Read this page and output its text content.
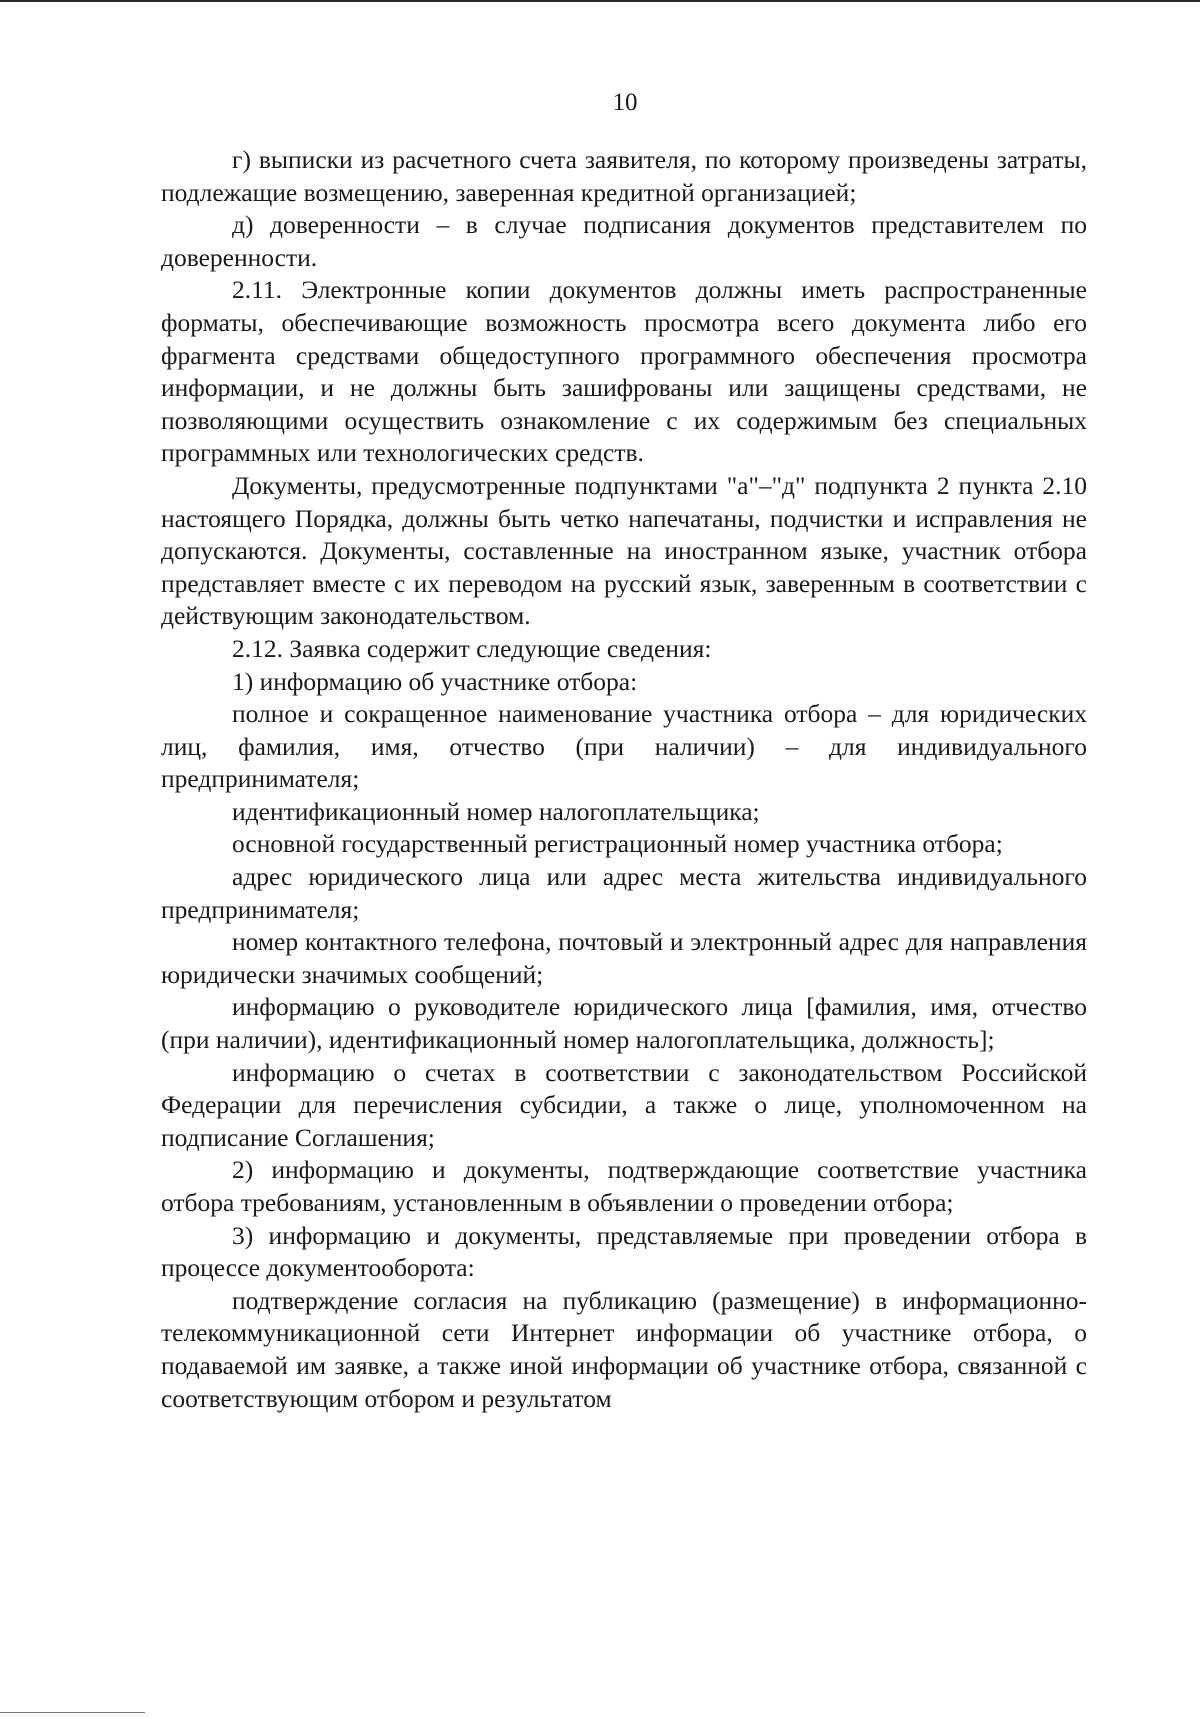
10

г) выписки из расчетного счета заявителя, по которому произведены затраты, подлежащие возмещению, заверенная кредитной организацией;

д) доверенности – в случае подписания документов представителем по доверенности.

2.11. Электронные копии документов должны иметь распространенные форматы, обеспечивающие возможность просмотра всего документа либо его фрагмента средствами общедоступного программного обеспечения просмотра информации, и не должны быть зашифрованы или защищены средствами, не позволяющими осуществить ознакомление с их содержимым без специальных программных или технологических средств.

Документы, предусмотренные подпунктами "а"–"д" подпункта 2 пункта 2.10 настоящего Порядка, должны быть четко напечатаны, подчистки и исправления не допускаются. Документы, составленные на иностранном языке, участник отбора представляет вместе с их переводом на русский язык, заверенным в соответствии с действующим законодательством.

2.12. Заявка содержит следующие сведения:

1) информацию об участнике отбора:

полное и сокращенное наименование участника отбора – для юридических лиц, фамилия, имя, отчество (при наличии) – для индивидуального предпринимателя;

идентификационный номер налогоплательщика;

основной государственный регистрационный номер участника отбора;

адрес юридического лица или адрес места жительства индивидуального предпринимателя;

номер контактного телефона, почтовый и электронный адрес для направления юридически значимых сообщений;

информацию о руководителе юридического лица [фамилия, имя, отчество (при наличии), идентификационный номер налогоплательщика, должность];

информацию о счетах в соответствии с законодательством Российской Федерации для перечисления субсидии, а также о лице, уполномоченном на подписание Соглашения;

2) информацию и документы, подтверждающие соответствие участника отбора требованиям, установленным в объявлении о проведении отбора;

3) информацию и документы, представляемые при проведении отбора в процессе документооборота:

подтверждение согласия на публикацию (размещение) в информационно-телекоммуникационной сети Интернет информации об участнике отбора, о подаваемой им заявке, а также иной информации об участнике отбора, связанной с соответствующим отбором и результатом
